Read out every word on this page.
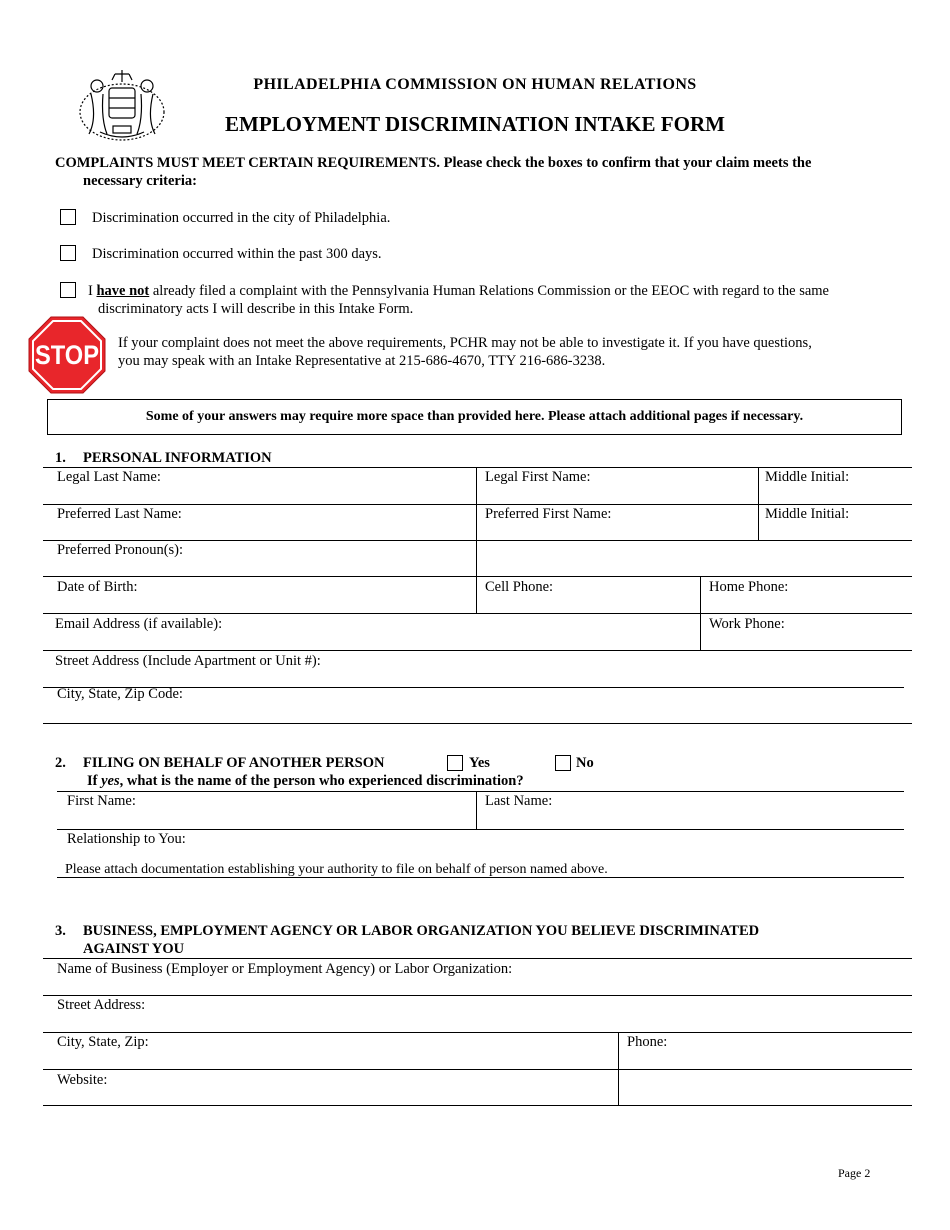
PHILADELPHIA COMMISSION ON HUMAN RELATIONS
EMPLOYMENT DISCRIMINATION INTAKE FORM
COMPLAINTS MUST MEET CERTAIN REQUIREMENTS. Please check the boxes to confirm that your claim meets the
necessary criteria:
Discrimination occurred in the city of Philadelphia.
Discrimination occurred within the past 300 days.
I have not already filed a complaint with the Pennsylvania Human Relations Commission or the EEOC with regard to the same
discriminatory acts I will describe in this Intake Form.
STOP If your complaint does not meet the above requirements, PCHR may not be able to investigate it. If you have questions,
you may speak with an Intake Representative at 215-686-4670, TTY 216-686-3238.
Some of your answers may require more space than provided here. Please attach additional pages if necessary.
1. PERSONAL INFORMATION
Legal Last Name:	Legal First Name:	Middle Initial:
Preferred Last Name:	Preferred First Name:	Middle Initial:
Preferred Pronoun(s):
Date of Birth:	Cell Phone:	Home Phone:
Email Address (if available):	Work Phone:
Street Address (Include Apartment or Unit #):
City, State, Zip Code:
2. FILING ON BEHALF OF ANOTHER PERSON	Yes	No
If yes, what is the name of the person who experienced discrimination?
First Name:	Last Name:
Relationship to You:
Please attach documentation establishing your authority to file on behalf of person named above.
3. BUSINESS, EMPLOYMENT AGENCY OR LABOR ORGANIZATION YOU BELIEVE DISCRIMINATED
AGAINST YOU
Name of Business (Employer or Employment Agency) or Labor Organization:
Street Address:
City, State, Zip:	Phone:
Website:
Page 2
